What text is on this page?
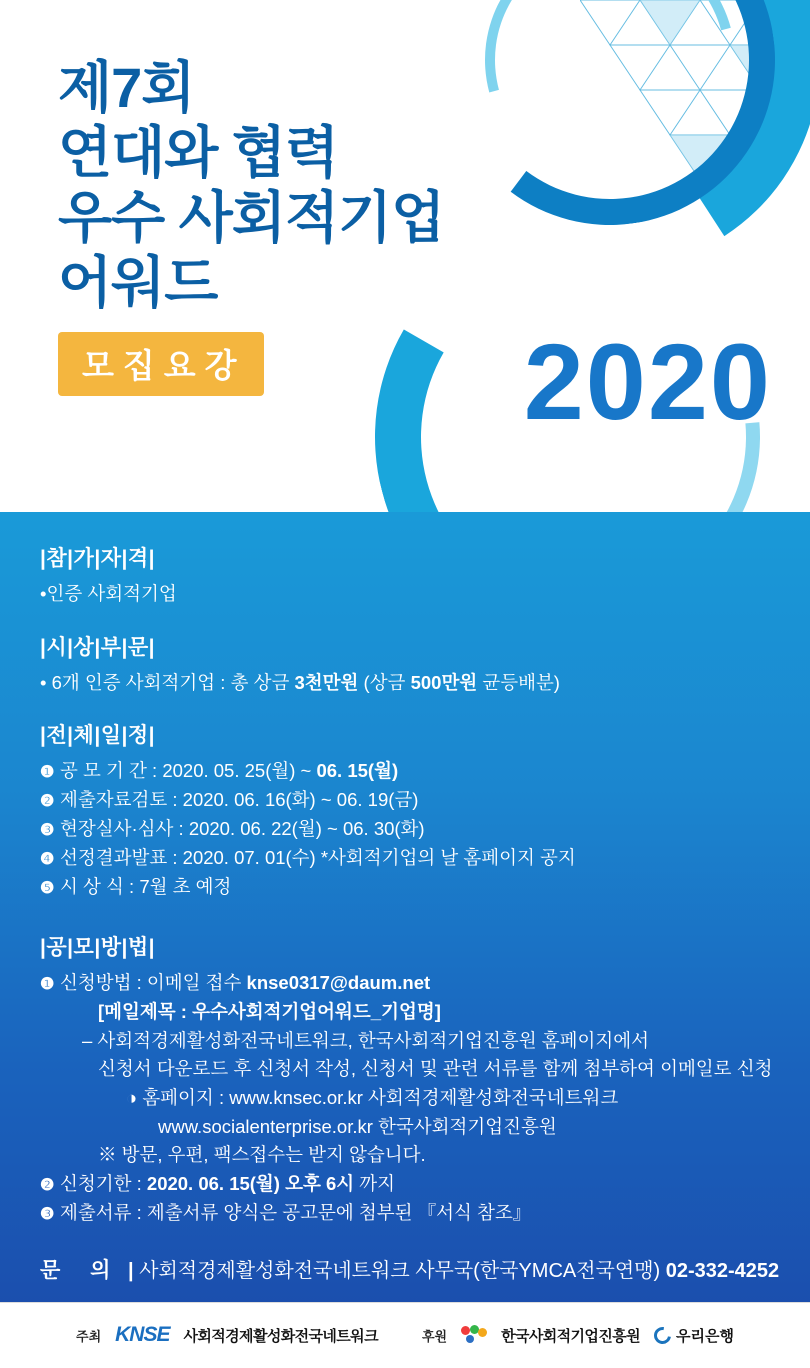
제7회
연대와 협력
우수 사회적기업
어워드
모집요강	2020
|참|가|자|격|
• 인증 사회적기업
|시|상|부|문|
• 6개 인증 사회적기업 : 총 상금 3천만원 (상금 500만원 균등배분)
|전|체|일|정|
❶ 공 모 기 간 : 2020. 05. 25(월) ~ 06. 15(월)
❷ 제출자료검토 : 2020. 06. 16(화) ~ 06. 19(금)
❸ 현장실사·심사 : 2020. 06. 22(월) ~ 06. 30(화)
❹ 선정결과발표 : 2020. 07. 01(수) *사회적기업의 날 홈페이지 공지
❺ 시 상 식 : 7월 초 예정
|공|모|방|법|
❶ 신청방법 : 이메일 접수 knse0317@daum.net
[메일제목 : 우수사회적기업어워드_기업명]
– 사회적경제활성화전국네트워크, 한국사회적기업진흥원 홈페이지에서
신청서 다운로드 후 신청서 작성, 신청서 및 관련 서류를 함께 첨부하여 이메일로 신청
◑ 홈페이지 : www.knsec.or.kr 사회적경제활성화전국네트워크
www.socialenterprise.or.kr 한국사회적기업진흥원
※ 방문, 우편, 팩스접수는 받지 않습니다.
❷ 신청기한 : 2020. 06. 15(월) 오후 6시 까지
❸ 제출서류 : 제출서류 양식은 공고문에 첨부된 『서식 참조』
문 의 | 사회적경제활성화전국네트워크 사무국(한국YMCA전국연맹) 02-332-4252
주최 KNSE 사회적경제활성화전국네트워크	후원	한국사회적기업진흥원 우리은행
